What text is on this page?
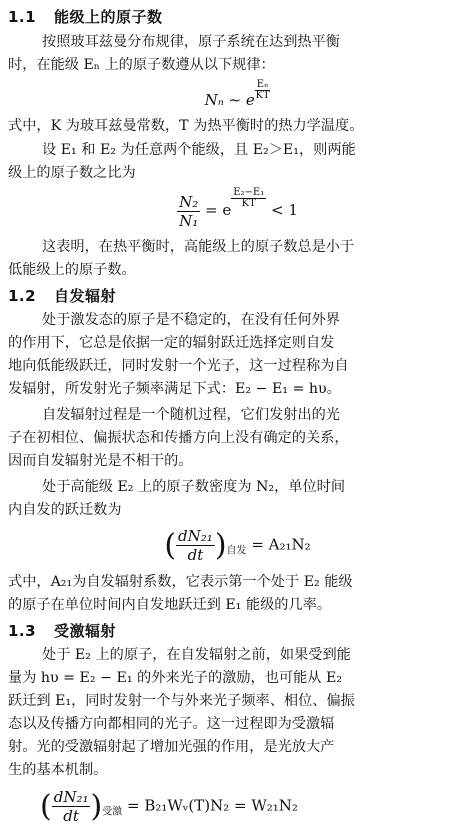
1.1 能级上的原子数
按照玻耳兹曼分布规律，原子系统在达到热平衡
时，在能级 Eₙ 上的原子数遵从以下规律：
Nₙ ~ e $^{\frac{\text{Eₙ}}{KT}}$
式中，K 为玻耳兹曼常数，T 为热平衡时的热力学温度。
设 E₁ 和 E₂ 为任意两个能级，且 E₂＞E₁，则两能
级上的原子数之比为
$\frac{\text{N₂}}{\text{N₁}} = e$
$^{\frac{\text{E₂−E₁}}{KT}}$
< 1
这表明，在热平衡时，高能级上的原子数总是小于
低能级上的原子数。
1.2 自发辐射
处于激发态的原子是不稳定的，在没有任何外界
的作用下，它总是依据一定的辐射跃迁选择定则自发
地向低能级跃迁，同时发射一个光子，这一过程称为自
发辐射，所发射光子频率满足下式：E₂ − E₁ = hυ。
自发辐射过程是一个随机过程，它们发射出的光
子在初相位、偏振状态和传播方向上没有确定的关系，
因而自发辐射光是不相干的。
处于高能级 E₂ 上的原子数密度为 N₂，单位时间
内自发的跃迁数为
( $\frac{\text{dN₂₁}}{dt} )_{自发} = A_{21}N_2$
式中，A₂₁为自发辐射系数，它表示第一个处于 E₂ 能级
的原子在单位时间内自发地跃迁到 E₁ 能级的几率。
1.3 受激辐射
处于 E₂ 上的原子，在自发辐射之前，如果受到能
量为 hυ = E₂ − E₁ 的外来光子的激励，也可能从 E₂
跃迁到 E₁，同时发射一个与外来光子频率、相位、偏振
态以及传播方向都相同的光子。这一过程即为受激辐
射。光的受激辐射起了增加光强的作用，是光放大产
生的基本机制。
( $\frac{\text{dN₂₁}}{dt} )_{受激}$ = B₂₁Wᵥ(T)N₂ = W₂₁N₂
